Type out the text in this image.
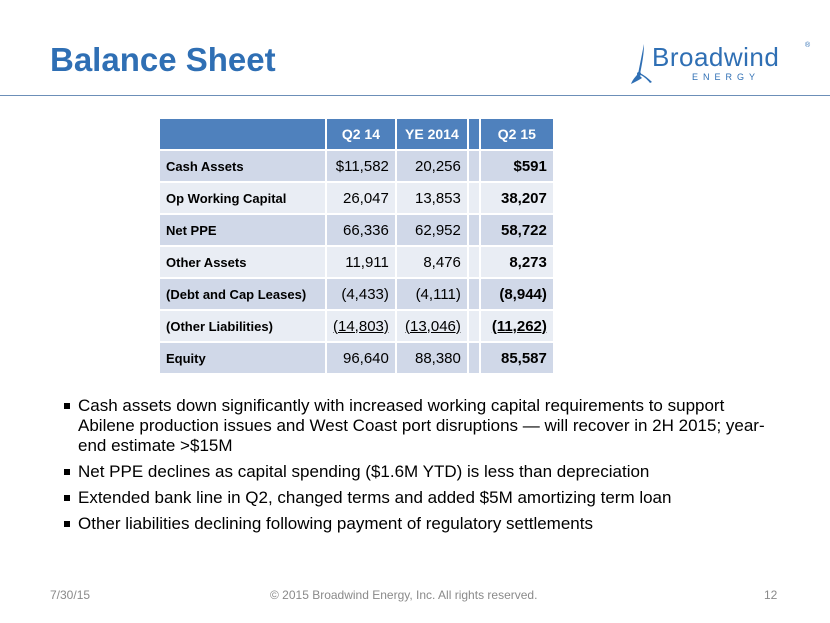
Balance Sheet	Broadwind	®
ENERGY
	Q2 14	YE 2014		Q2 15
Cash Assets	$11,582	20,256		$591
Op Working Capital	26,047	13,853		38,207
Net PPE	66,336	62,952		58,722
Other Assets	11,911	8,476		8,273
(Debt and Cap Leases)	(4,433)	(4,111)		(8,944)
(Other Liabilities)	(14,803)	(13,046)		(11,262)
Equity	96,640	88,380		85,587
Cash assets down significantly with increased working capital requirements to support Abilene production issues and West Coast port disruptions — will recover in 2H 2015; year-end estimate >$15M
Net PPE declines as capital spending ($1.6M YTD) is less than depreciation
Extended bank line in Q2, changed terms and added $5M amortizing term loan
Other liabilities declining following payment of regulatory settlements
7/30/15	© 2015 Broadwind Energy, Inc. All rights reserved.	12
